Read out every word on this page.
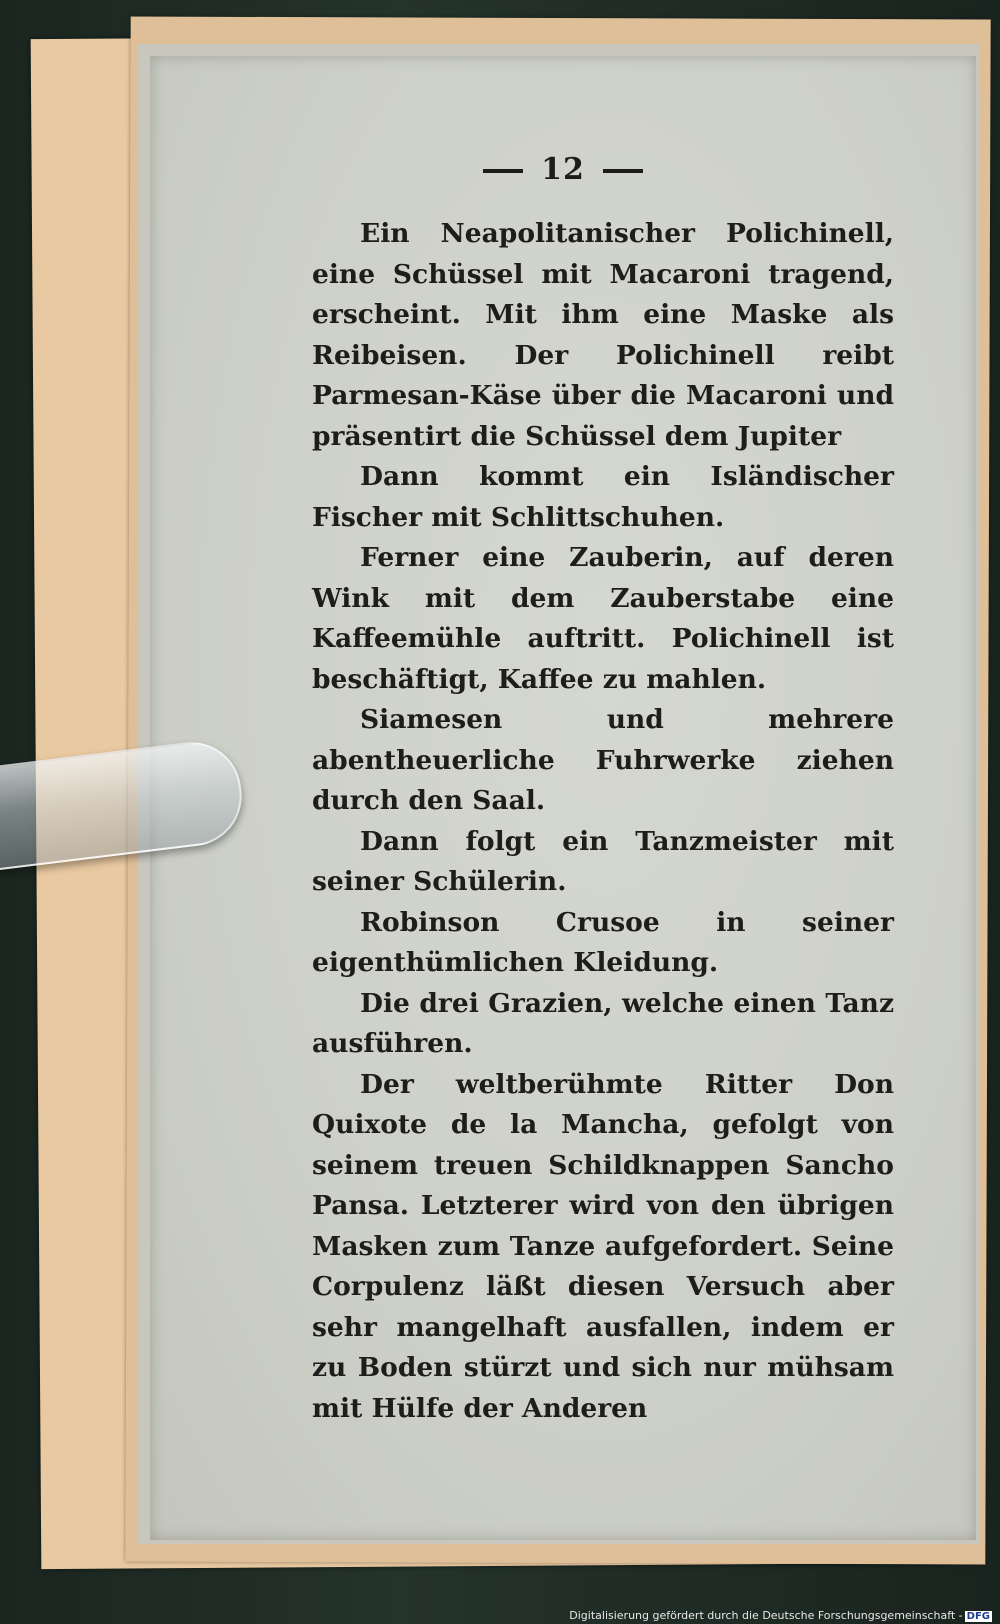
12

Ein Neapolitanischer Polichinell, eine Schüssel mit Macaroni tragend, erscheint. Mit ihm eine Maske als Reibeisen. Der Polichinell reibt Parmesan-Käse über die Macaroni und präsentirt die Schüssel dem Jupiter

Dann kommt ein Isländischer Fischer mit Schlittschuhen.

Ferner eine Zauberin, auf deren Wink mit dem Zauberstabe eine Kaffeemühle auftritt. Polichinell ist beschäftigt, Kaffee zu mahlen.

Siamesen und mehrere abentheuerliche Fuhrwerke ziehen durch den Saal.

Dann folgt ein Tanzmeister mit seiner Schülerin.

Robinson Crusoe in seiner eigenthümlichen Kleidung.

Die drei Grazien, welche einen Tanz ausführen.

Der weltberühmte Ritter Don Quixote de la Mancha, gefolgt von seinem treuen Schildknappen Sancho Pansa. Letzterer wird von den übrigen Masken zum Tanze aufgefordert. Seine Corpulenz läßt diesen Versuch aber sehr mangelhaft ausfallen, indem er zu Boden stürzt und sich nur mühsam mit Hülfe der Anderen

Digitalisierung gefördert durch die Deutsche Forschungsgemeinschaft - DFG
